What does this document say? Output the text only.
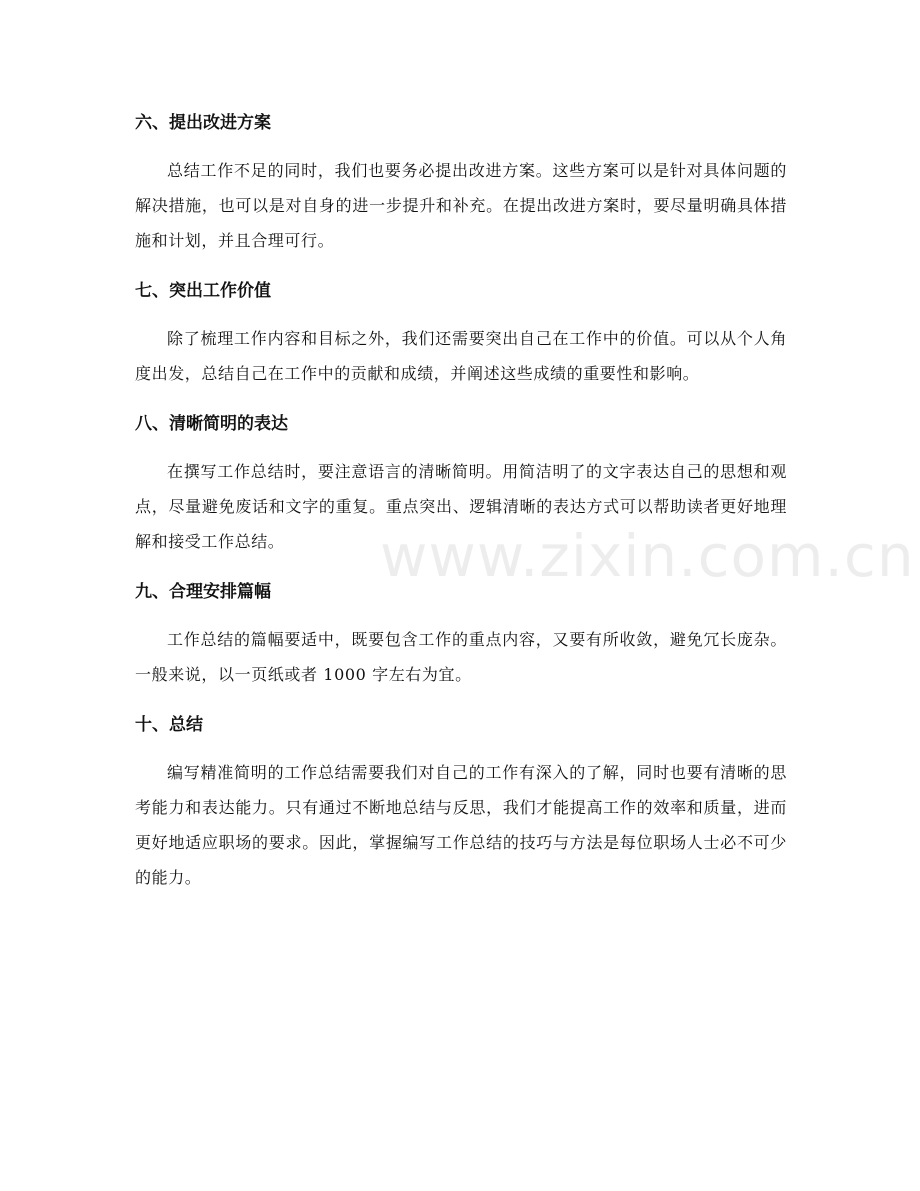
六、提出改进方案

总结工作不足的同时，我们也要务必提出改进方案。这些方案可以是针对具体问题的解决措施，也可以是对自身的进一步提升和补充。在提出改进方案时，要尽量明确具体措施和计划，并且合理可行。

七、突出工作价值

除了梳理工作内容和目标之外，我们还需要突出自己在工作中的价值。可以从个人角度出发，总结自己在工作中的贡献和成绩，并阐述这些成绩的重要性和影响。

八、清晰简明的表达

在撰写工作总结时，要注意语言的清晰简明。用简洁明了的文字表达自己的思想和观点，尽量避免废话和文字的重复。重点突出、逻辑清晰的表达方式可以帮助读者更好地理解和接受工作总结。

九、合理安排篇幅

工作总结的篇幅要适中，既要包含工作的重点内容，又要有所收敛，避免冗长庞杂。一般来说，以一页纸或者 1000 字左右为宜。

十、总结

编写精准简明的工作总结需要我们对自己的工作有深入的了解，同时也要有清晰的思考能力和表达能力。只有通过不断地总结与反思，我们才能提高工作的效率和质量，进而更好地适应职场的要求。因此，掌握编写工作总结的技巧与方法是每位职场人士必不可少的能力。

www.zixin.com.cn
